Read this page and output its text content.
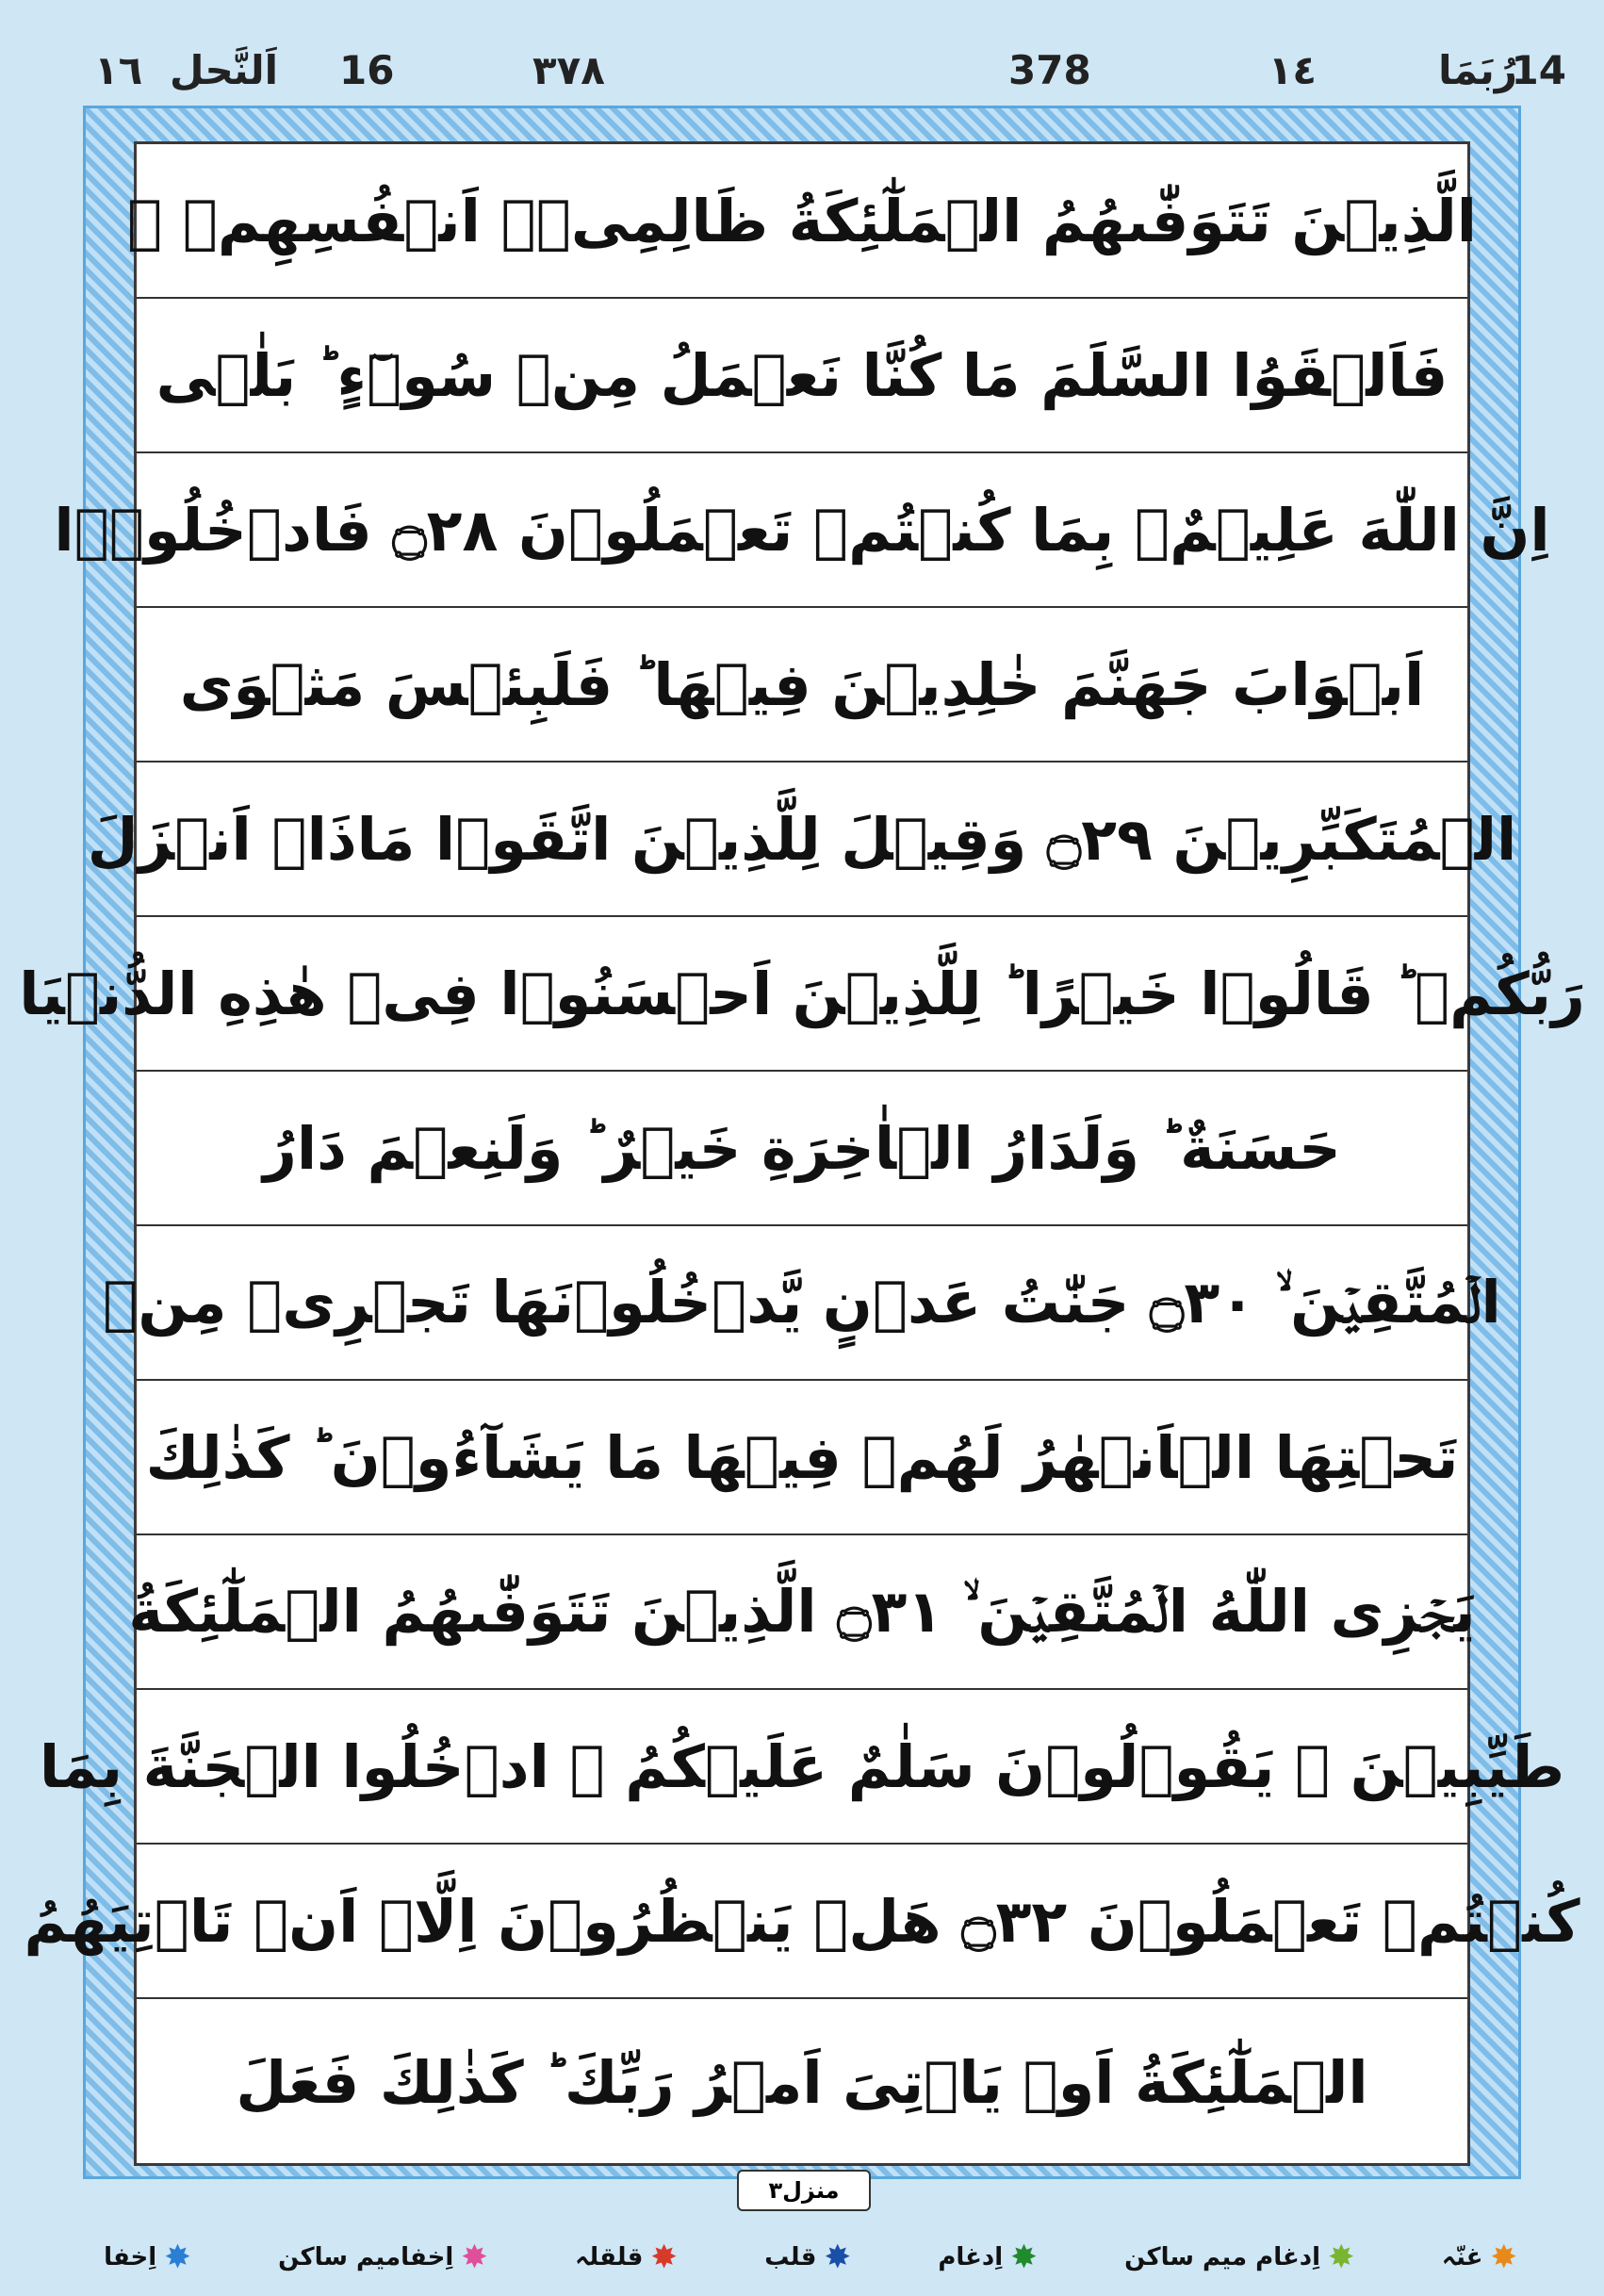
14
رُبَمَا
١٤
378
٣٧٨
16
اَلنَّحل
١٦
الَّذِیۡنَ تَتَوَفّٰىهُمُ الۡمَلٰٓئِكَةُ ظَالِمِیۡۤ اَنۡفُسِهِمۡ ۖ
فَاَلۡقَوُا السَّلَمَ مَا كُنَّا نَعۡمَلُ مِنۡ سُوۡٓءٍ ؕ بَلٰۤى
اِنَّ اللّٰهَ عَلِیۡمٌۢ بِمَا كُنۡتُمۡ تَعۡمَلُوۡنَ ۝٢٨ فَادۡخُلُوۡۤا
اَبۡوَابَ جَهَنَّمَ خٰلِدِیۡنَ فِیۡهَا ؕ فَلَبِئۡسَ مَثۡوَى
الۡمُتَكَبِّرِیۡنَ ۝٢٩ وَقِیۡلَ لِلَّذِیۡنَ اتَّقَوۡا مَاذَاۤ اَنۡزَلَ
رَبُّكُمۡ ؕ قَالُوۡا خَیۡرًا ؕ لِلَّذِیۡنَ اَحۡسَنُوۡا فِیۡ هٰذِهِ الدُّنۡیَا
حَسَنَةٌ ؕ وَلَدَارُ الۡاٰخِرَةِ خَیۡرٌ ؕ وَلَنِعۡمَ دَارُ
الۡمُتَّقِیۡنَ ۙ ۝٣٠ جَنّٰتُ عَدۡنٍ یَّدۡخُلُوۡنَهَا تَجۡرِیۡ مِنۡ
تَحۡتِهَا الۡاَنۡهٰرُ لَهُمۡ فِیۡهَا مَا یَشَآءُوۡنَ ؕ كَذٰلِكَ
یَجۡزِی اللّٰهُ الۡمُتَّقِیۡنَ ۙ ۝٣١ الَّذِیۡنَ تَتَوَفّٰىهُمُ الۡمَلٰٓئِكَةُ
طَیِّبِیۡنَ ۙ یَقُوۡلُوۡنَ سَلٰمٌ عَلَیۡكُمُ ۙ ادۡخُلُوا الۡجَنَّةَ بِمَا
كُنۡتُمۡ تَعۡمَلُوۡنَ ۝٣٢ هَلۡ یَنۡظُرُوۡنَ اِلَّاۤ اَنۡ تَاۡتِیَهُمُ
الۡمَلٰٓئِكَةُ اَوۡ یَاۡتِیَ اَمۡرُ رَبِّكَ ؕ كَذٰلِكَ فَعَلَ
منزل٣
✸
اِخفا	✸
اِخفامیم ساکن	✸
قلقلہ	✸
قلب	✸
اِدغام	✸
اِدغام میم ساکن	✸
غنّہ
